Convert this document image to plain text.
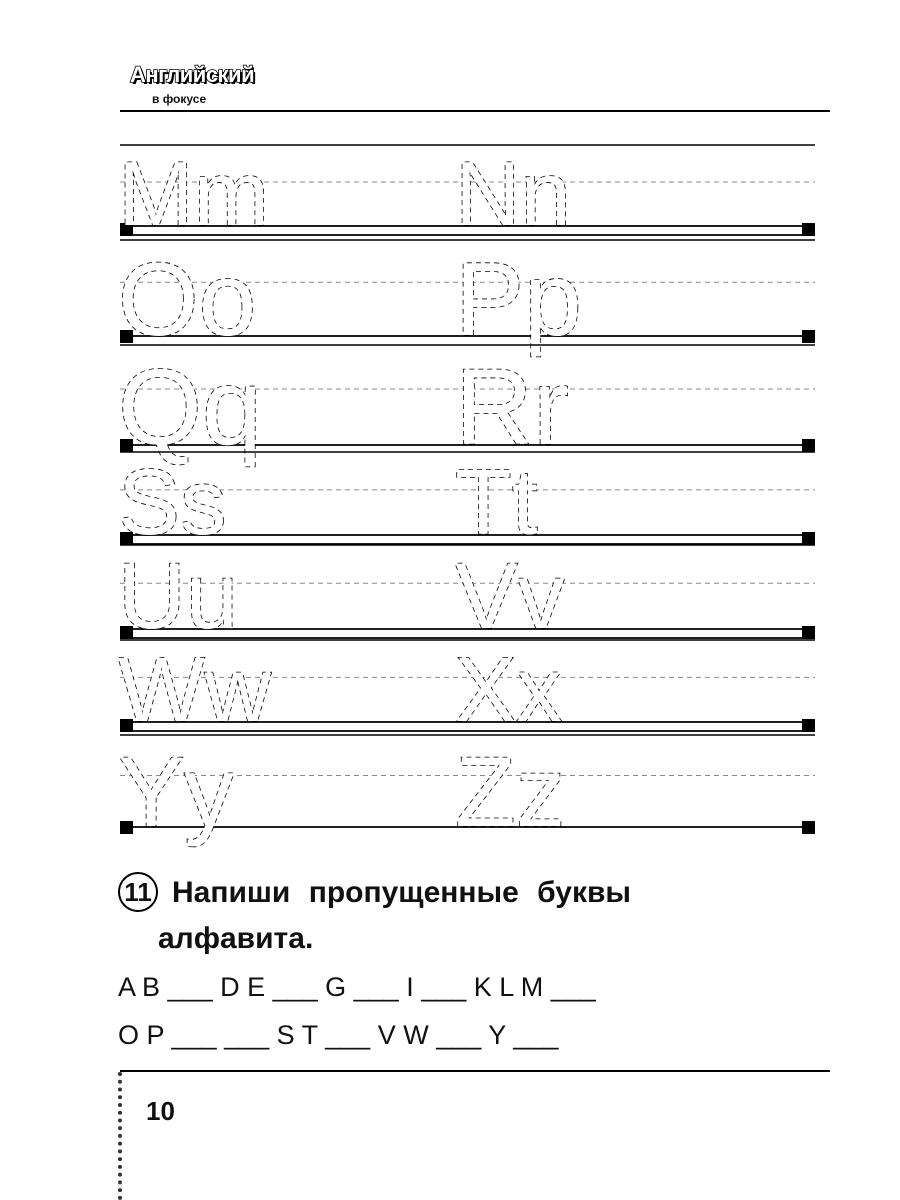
Английский
в фокусе
Mm Nn
Oo Pp
Qq Rr
Ss Tt
Uu Vv
Ww Xx
Yy Zz
11 Напиши пропущенные буквы
алфавита.
A B ___ D E ___ G ___ I ___ K L M ___
O P ___ ___ S T ___ V W ___ Y ___
10
